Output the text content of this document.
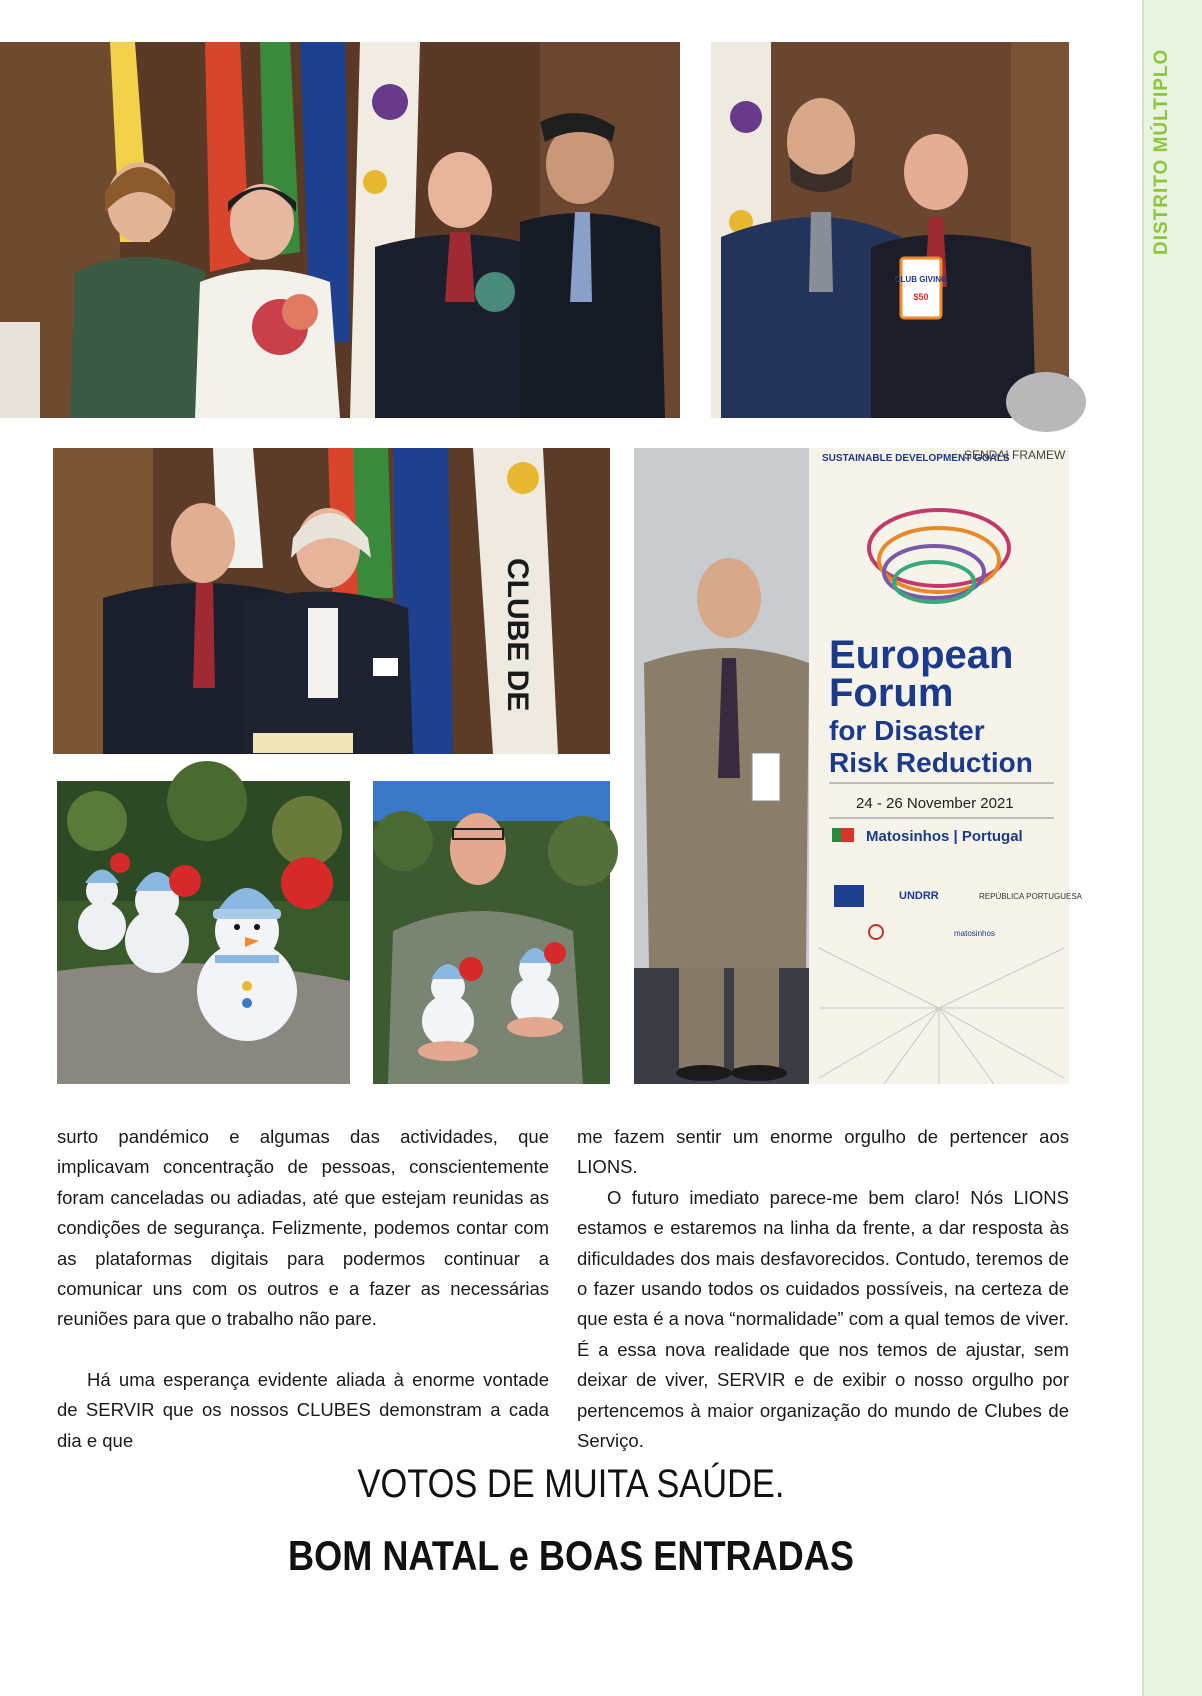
DISTRITO MÚLTIPLO
CLUB GIVING
$50
CLUBE DE
SUSTAINABLE DEVELOPMENT GOALS
SENDAI FRAMEW
European
Forum
for Disaster
Risk Reduction
24 - 26 November 2021
Matosinhos | Portugal
UNDRR	REPÚBLICA PORTUGUESA
matosinhos

surto pandémico e algumas das actividades, que implicavam concentração de pessoas, conscientemente foram canceladas ou adiadas, até que estejam reunidas as condições de segurança. Felizmente, podemos contar com as plataformas digitais para podermos continuar a comunicar uns com os outros e a fazer as necessárias reuniões para que o trabalho não pare.

Há uma esperança evidente aliada à enorme vontade de SERVIR que os nossos CLUBES demonstram a cada dia e que

me fazem sentir um enorme orgulho de pertencer aos LIONS.

O futuro imediato parece-me bem claro! Nós LIONS estamos e estaremos na linha da frente, a dar resposta às dificuldades dos mais desfavorecidos. Contudo, teremos de o fazer usando todos os cuidados possíveis, na certeza de que esta é a nova “normalidade” com a qual temos de viver. É a essa nova realidade que nos temos de ajustar, sem deixar de viver, SERVIR e de exibir o nosso orgulho por pertencemos à maior organização do mundo de Clubes de Serviço.

VOTOS DE MUITA SAÚDE.
BOM NATAL e BOAS ENTRADAS
